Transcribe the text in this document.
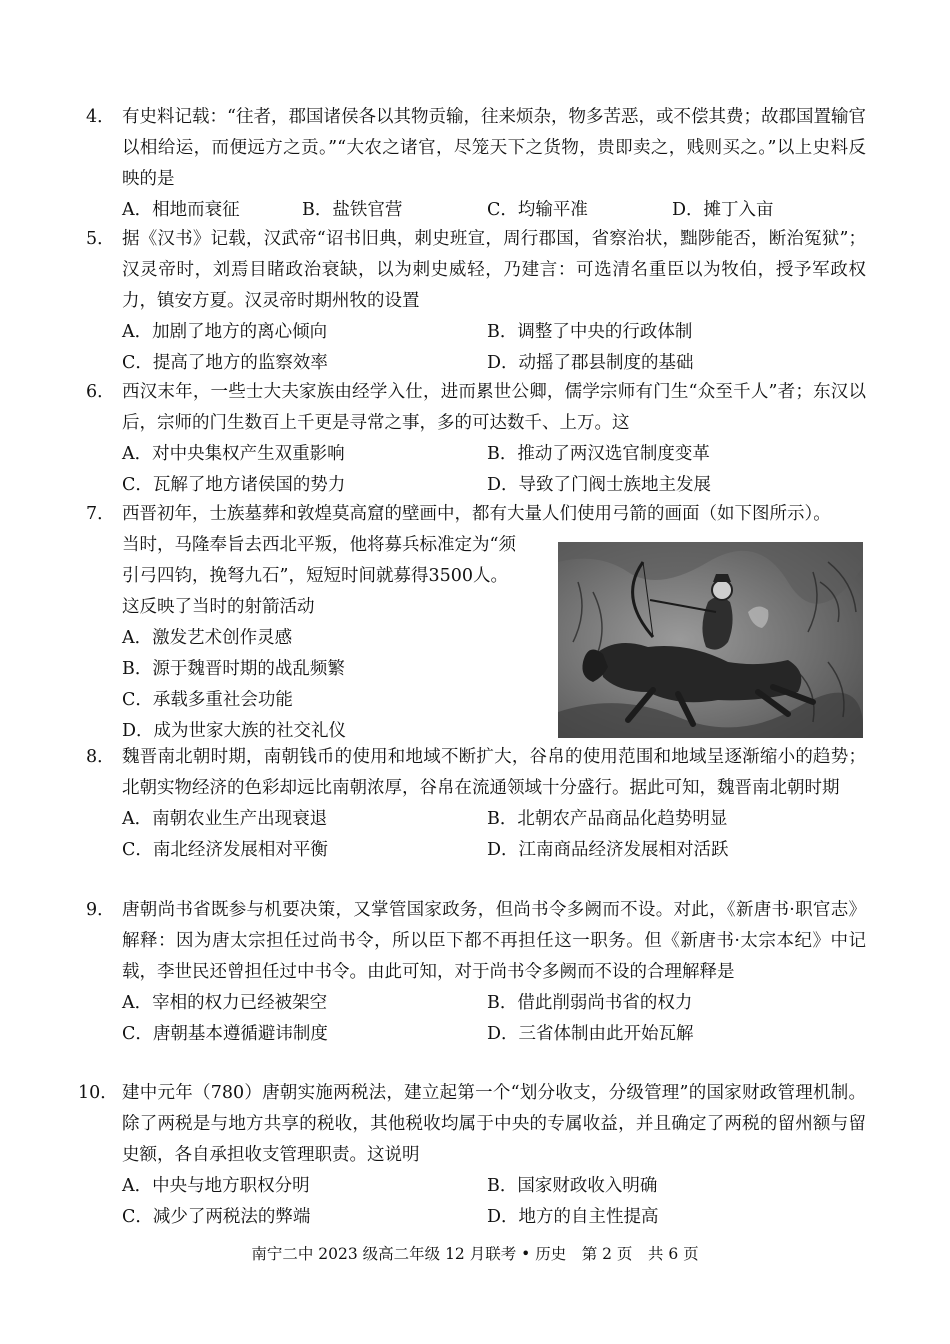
4． 有史料记载：“往者，郡国诸侯各以其物贡输，往来烦杂，物多苦恶，或不偿其费；故郡国置输官以相给运，而便远方之贡。”“大农之诸官，尽笼天下之货物，贵即卖之，贱则买之。”以上史料反映的是
A．相地而衰征	B．盐铁官营	C．均输平准	D．摊丁入亩
5． 据《汉书》记载，汉武帝“诏书旧典，刺史班宣，周行郡国，省察治状，黜陟能否，断治冤狱”；汉灵帝时，刘焉目睹政治衰缺，以为刺史威轻，乃建言：可选清名重臣以为牧伯，授予军政权力，镇安方夏。汉灵帝时期州牧的设置
A．加剧了地方的离心倾向	B．调整了中央的行政体制
C．提高了地方的监察效率	D．动摇了郡县制度的基础
6． 西汉末年，一些士大夫家族由经学入仕，进而累世公卿，儒学宗师有门生“众至千人”者；东汉以后，宗师的门生数百上千更是寻常之事，多的可达数千、上万。这
A．对中央集权产生双重影响	B．推动了两汉选官制度变革
C．瓦解了地方诸侯国的势力	D．导致了门阀士族地主发展
7． 西晋初年，士族墓葬和敦煌莫高窟的壁画中，都有大量人们使用弓箭的画面（如下图所示）。
当时，马隆奉旨去西北平叛，他将募兵标准定为“须
引弓四钧，挽弩九石”，短短时间就募得3500人。
这反映了当时的射箭活动
A．激发艺术创作灵感
B．源于魏晋时期的战乱频繁
C．承载多重社会功能
D．成为世家大族的社交礼仪
8． 魏晋南北朝时期，南朝钱币的使用和地域不断扩大，谷帛的使用范围和地域呈逐渐缩小的趋势；北朝实物经济的色彩却远比南朝浓厚，谷帛在流通领域十分盛行。据此可知，魏晋南北朝时期
A．南朝农业生产出现衰退	B．北朝农产品商品化趋势明显
C．南北经济发展相对平衡	D．江南商品经济发展相对活跃
9． 唐朝尚书省既参与机要决策，又掌管国家政务，但尚书令多阙而不设。对此，《新唐书·职官志》解释：因为唐太宗担任过尚书令，所以臣下都不再担任这一职务。但《新唐书·太宗本纪》中记载，李世民还曾担任过中书令。由此可知，对于尚书令多阙而不设的合理解释是
A．宰相的权力已经被架空	B．借此削弱尚书省的权力
C．唐朝基本遵循避讳制度	D．三省体制由此开始瓦解
10． 建中元年（780）唐朝实施两税法，建立起第一个“划分收支，分级管理”的国家财政管理机制。除了两税是与地方共享的税收，其他税收均属于中央的专属收益，并且确定了两税的留州额与留史额，各自承担收支管理职责。这说明
A．中央与地方职权分明	B．国家财政收入明确
C．减少了两税法的弊端	D．地方的自主性提高
南宁二中 2023 级高二年级 12 月联考 • 历史　第 2 页　共 6 页
